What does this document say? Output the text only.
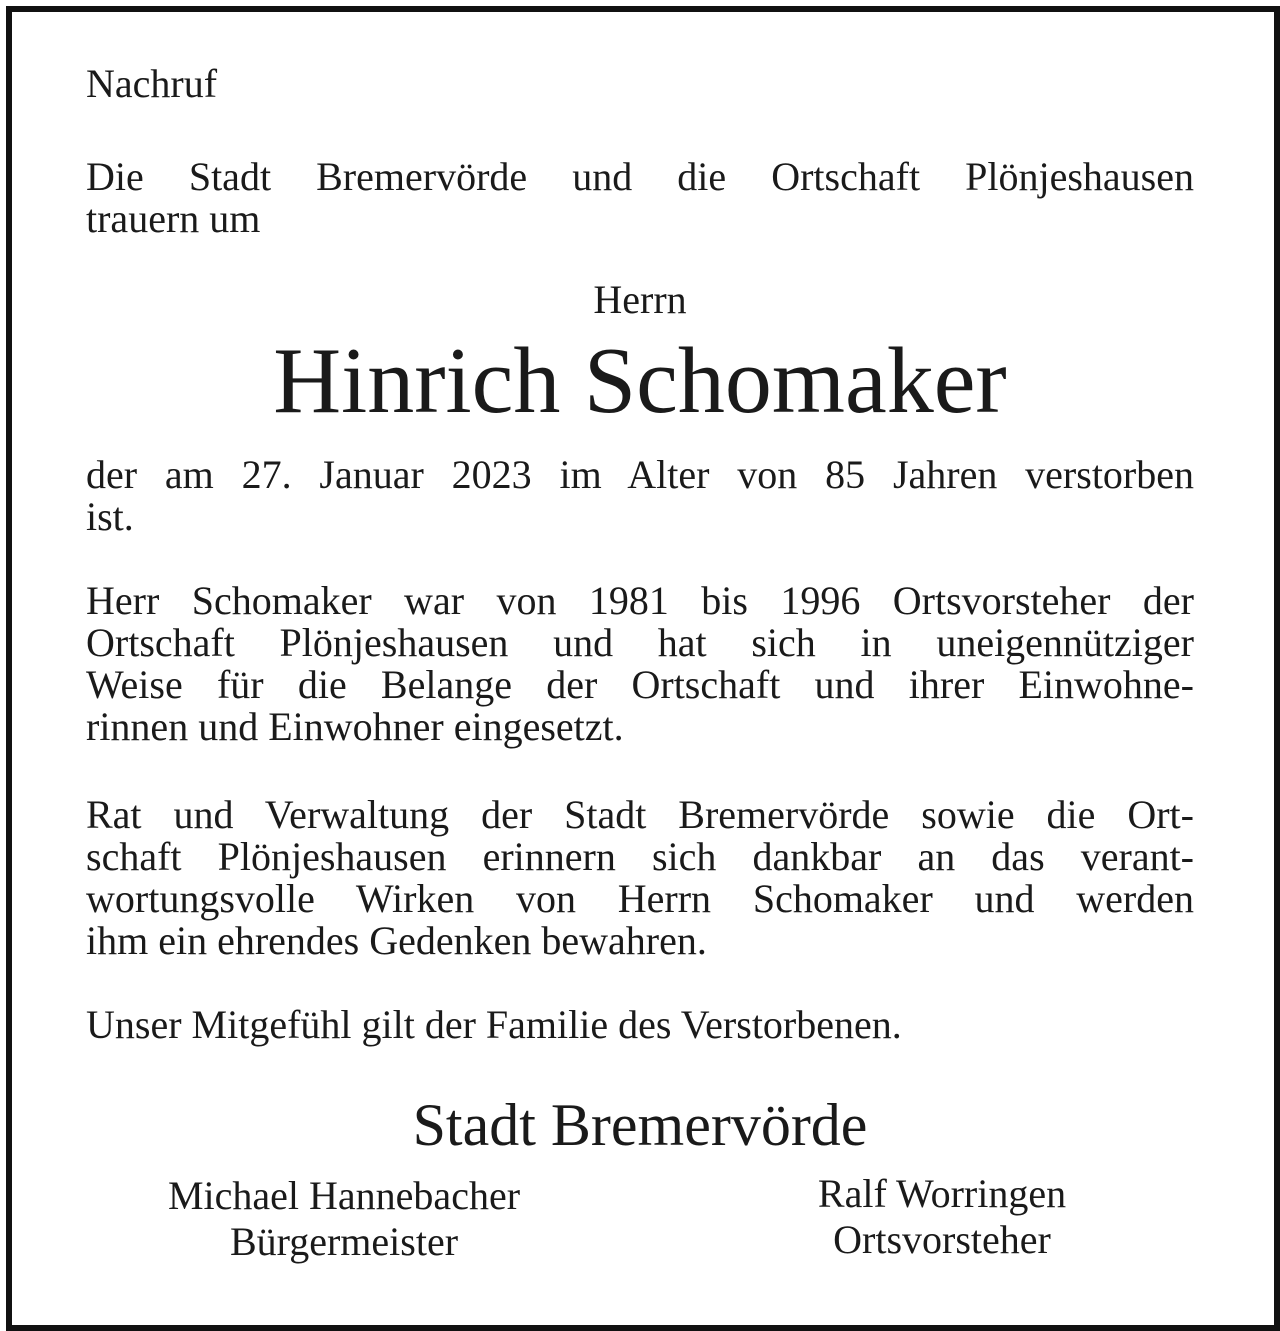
Nachruf

Die Stadt Bremervörde und die Ortschaft Plönjeshausen

trauern um

Herrn

Hinrich Schomaker

der am 27. Januar 2023 im Alter von 85 Jahren verstorben

ist.

Herr Schomaker war von 1981 bis 1996 Ortsvorsteher der

Ortschaft Plönjeshausen und hat sich in uneigennütziger

Weise für die Belange der Ortschaft und ihrer Einwohne-

rinnen und Einwohner eingesetzt.

Rat und Verwaltung der Stadt Bremervörde sowie die Ort-

schaft Plönjeshausen erinnern sich dankbar an das verant-

wortungsvolle Wirken von Herrn Schomaker und werden

ihm ein ehrendes Gedenken bewahren.

Unser Mitgefühl gilt der Familie des Verstorbenen.

Stadt Bremervörde

Michael Hannebacher

Bürgermeister

Ralf Worringen

Ortsvorsteher
